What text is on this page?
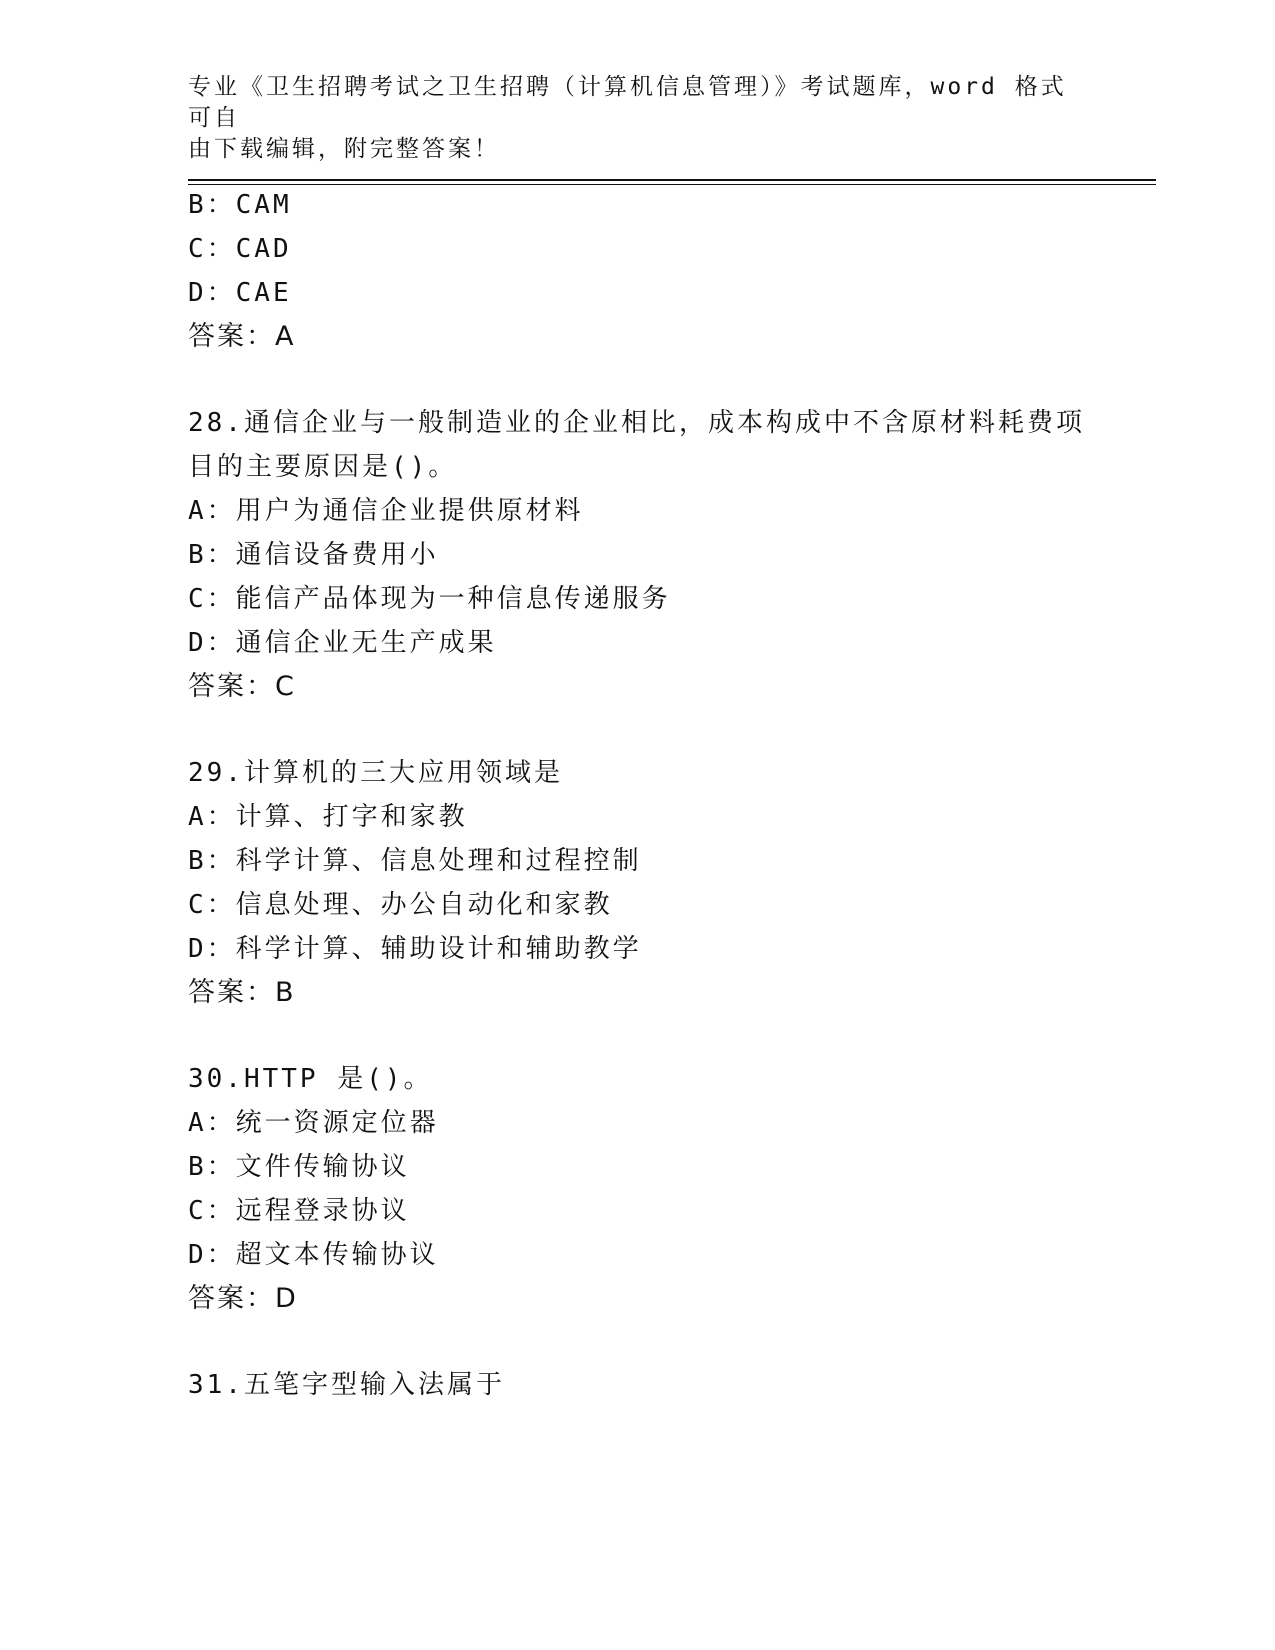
专业《卫生招聘考试之卫生招聘（计算机信息管理）》考试题库，word 格式可自
由下载编辑，附完整答案！
B：CAM
C：CAD
D：CAE
答案：A
28.通信企业与一般制造业的企业相比，成本构成中不含原材料耗费项
目的主要原因是()。
A：用户为通信企业提供原材料
B：通信设备费用小
C：能信产品体现为一种信息传递服务
D：通信企业无生产成果
答案：C
29.计算机的三大应用领域是
A：计算、打字和家教
B：科学计算、信息处理和过程控制
C：信息处理、办公自动化和家教
D：科学计算、辅助设计和辅助教学
答案：B
30.HTTP 是()。
A：统一资源定位器
B：文件传输协议
C：远程登录协议
D：超文本传输协议
答案：D
31.五笔字型输入法属于
